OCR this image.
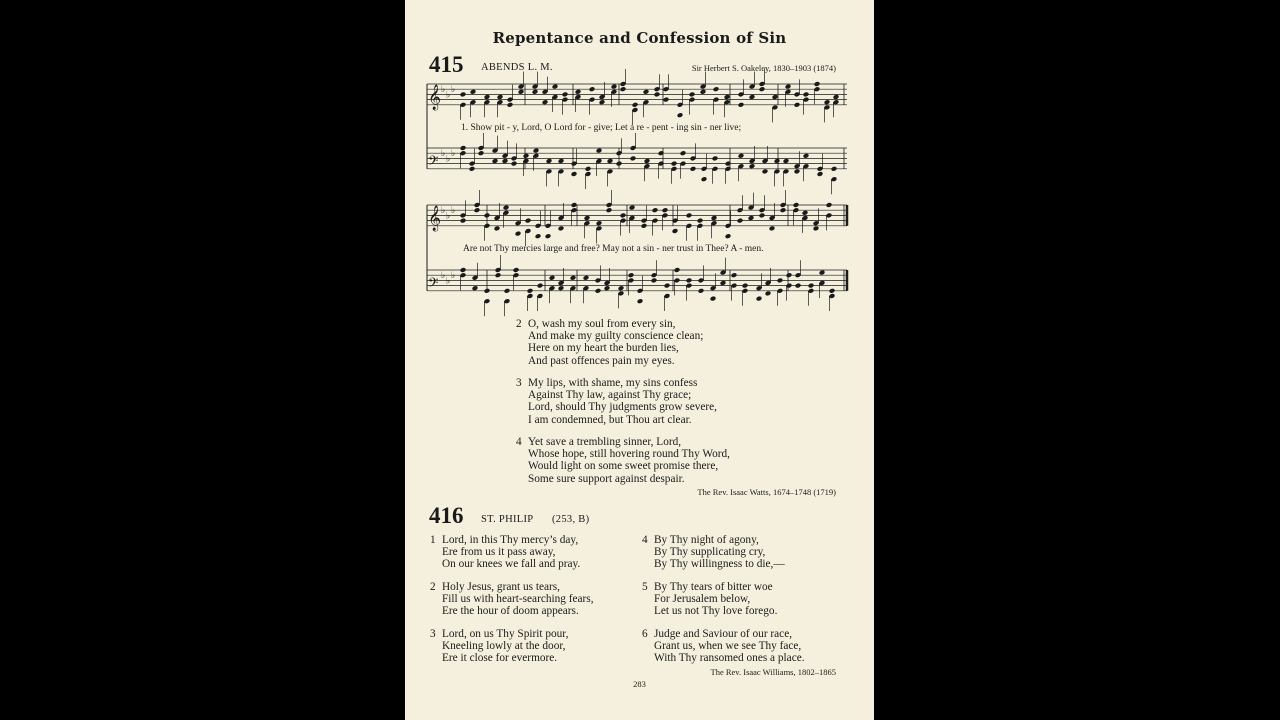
Repentance and Confession of Sin
415 ABENDS L. M.	Sir Herbert S. Oakeley, 1830–1903 (1874)
𝄞 ♭
♭
♭
𝄢 ♭
♭
♭
𝄞 ♭
♭
♭
𝄢 ♭
♭
♭
1. Show pit - y, Lord, O Lord for - give; Let a re - pent - ing sin - ner live;
Are not Thy mercies large and free? May not a sin - ner trust in Thee? A - men.
2 O, wash my soul from every sin,
And make my guilty conscience clean;
Here on my heart the burden lies,
And past offences pain my eyes.
3 My lips, with shame, my sins confess
Against Thy law, against Thy grace;
Lord, should Thy judgments grow severe,
I am condemned, but Thou art clear.
4 Yet save a trembling sinner, Lord,
Whose hope, still hovering round Thy Word,
Would light on some sweet promise there,
Some sure support against despair.
The Rev. Isaac Watts, 1674–1748 (1719)
416 ST. PHILIP (253, B)
1 Lord, in this Thy mercy’s day,
Ere from us it pass away,
On our knees we fall and pray.
2 Holy Jesus, grant us tears,
Fill us with heart-searching fears,
Ere the hour of doom appears.
3 Lord, on us Thy Spirit pour,
Kneeling lowly at the door,
Ere it close for evermore.
4 By Thy night of agony,
By Thy supplicating cry,
By Thy willingness to die,—
5 By Thy tears of bitter woe
For Jerusalem below,
Let us not Thy love forego.
6 Judge and Saviour of our race,
Grant us, when we see Thy face,
With Thy ransomed ones a place.
The Rev. Isaac Williams, 1802–1865
283
